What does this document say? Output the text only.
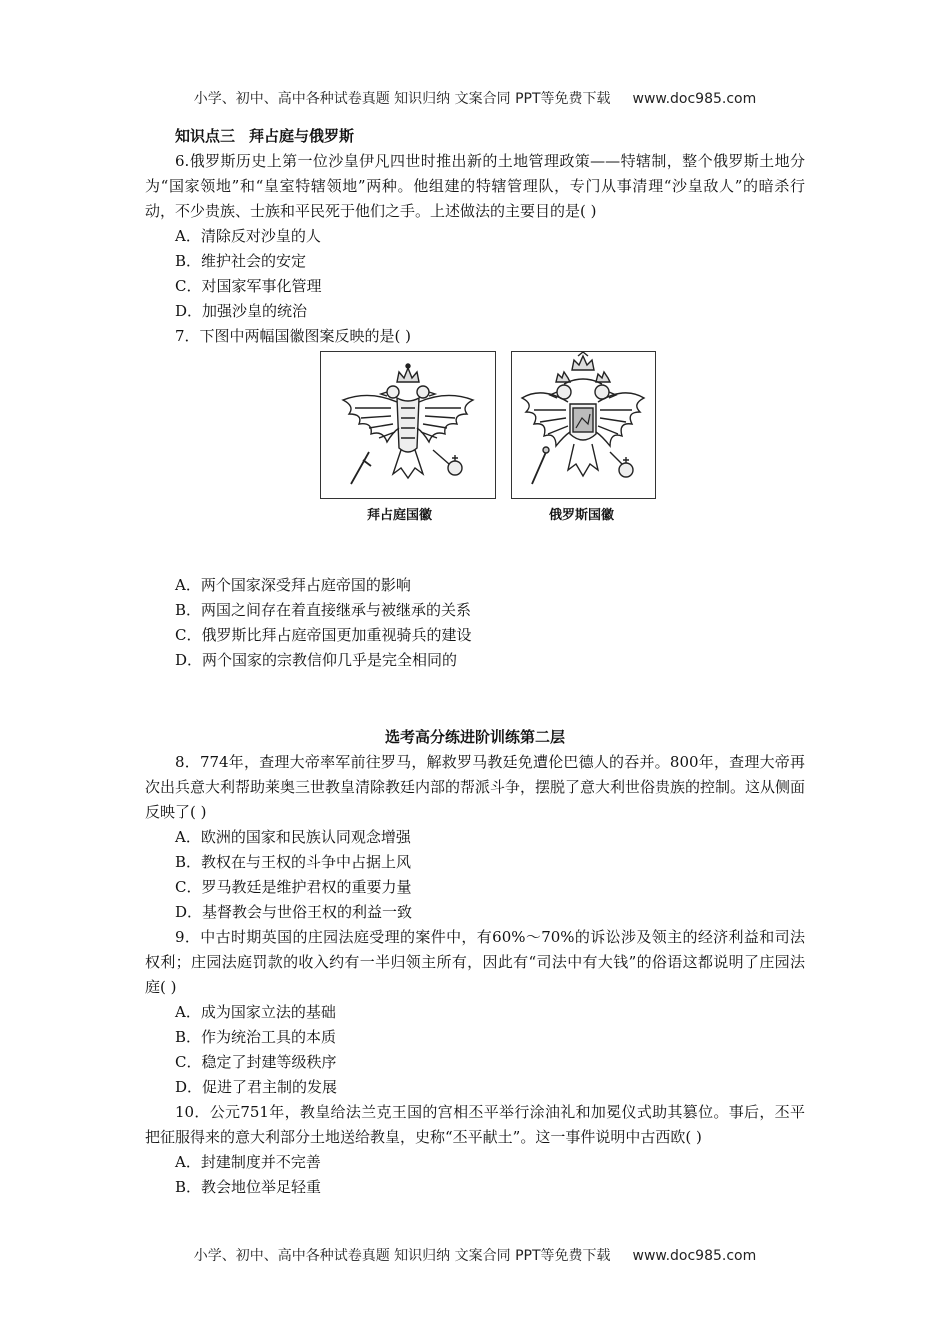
小学、初中、高中各种试卷真题 知识归纳 文案合同 PPT等免费下载 www.doc985.com
知识点三 拜占庭与俄罗斯
6.俄罗斯历史上第一位沙皇伊凡四世时推出新的土地管理政策——特辖制，整个俄罗斯土地分为“国家领地”和“皇室特辖领地”两种。他组建的特辖管理队，专门从事清理“沙皇敌人”的暗杀行动，不少贵族、士族和平民死于他们之手。上述做法的主要目的是( )
A．清除反对沙皇的人
B．维护社会的安定
C．对国家军事化管理
D．加强沙皇的统治
7．下图中两幅国徽图案反映的是( )
拜占庭国徽	俄罗斯国徽
A．两个国家深受拜占庭帝国的影响
B．两国之间存在着直接继承与被继承的关系
C．俄罗斯比拜占庭帝国更加重视骑兵的建设
D．两个国家的宗教信仰几乎是完全相同的
选考高分练进阶训练第二层
8．774年，查理大帝率军前往罗马，解救罗马教廷免遭伦巴德人的吞并。800年，查理大帝再次出兵意大利帮助莱奥三世教皇清除教廷内部的帮派斗争，摆脱了意大利世俗贵族的控制。这从侧面反映了( )
A．欧洲的国家和民族认同观念增强
B．教权在与王权的斗争中占据上风
C．罗马教廷是维护君权的重要力量
D．基督教会与世俗王权的利益一致
9．中古时期英国的庄园法庭受理的案件中，有60%～70%的诉讼涉及领主的经济利益和司法权利；庄园法庭罚款的收入约有一半归领主所有，因此有“司法中有大钱”的俗语这都说明了庄园法庭( )
A．成为国家立法的基础
B．作为统治工具的本质
C．稳定了封建等级秩序
D．促进了君主制的发展
10．公元751年，教皇给法兰克王国的宫相丕平举行涂油礼和加冕仪式助其篡位。事后，丕平把征服得来的意大利部分土地送给教皇，史称“丕平献土”。这一事件说明中古西欧( )
A．封建制度并不完善
B．教会地位举足轻重
小学、初中、高中各种试卷真题 知识归纳 文案合同 PPT等免费下载 www.doc985.com
